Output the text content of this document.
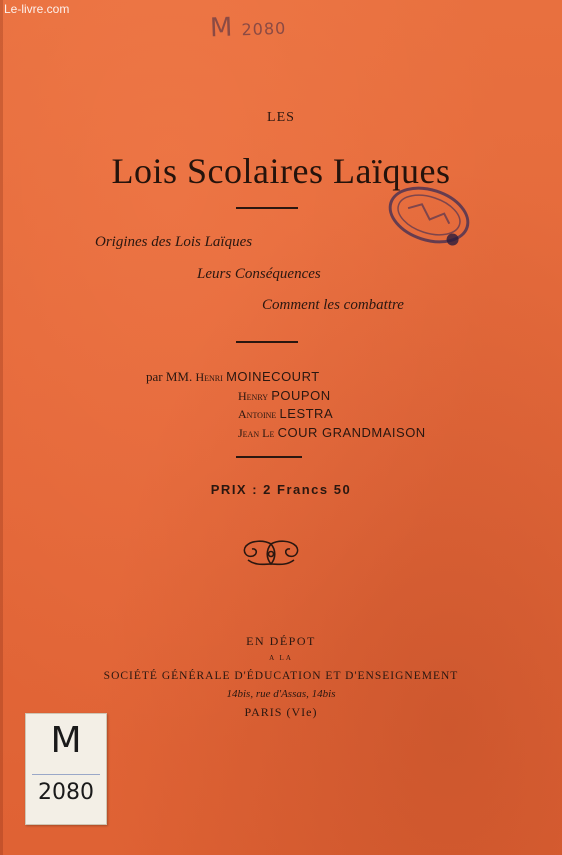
Le-livre.com
M 2080
LES
Lois Scolaires Laïques
Origines des Lois Laïques
Leurs Conséquences
Comment les combattre
par MM. Henri MOINECOURT
Henry POUPON
Antoine LESTRA
Jean Le COUR GRANDMAISON
PRIX : 2 Francs 50
EN DÉPOT
A LA
SOCIÉTÉ GÉNÉRALE D'ÉDUCATION ET D'ENSEIGNEMENT
14bis, rue d'Assas, 14bis
PARIS (VIe)
M
2080
